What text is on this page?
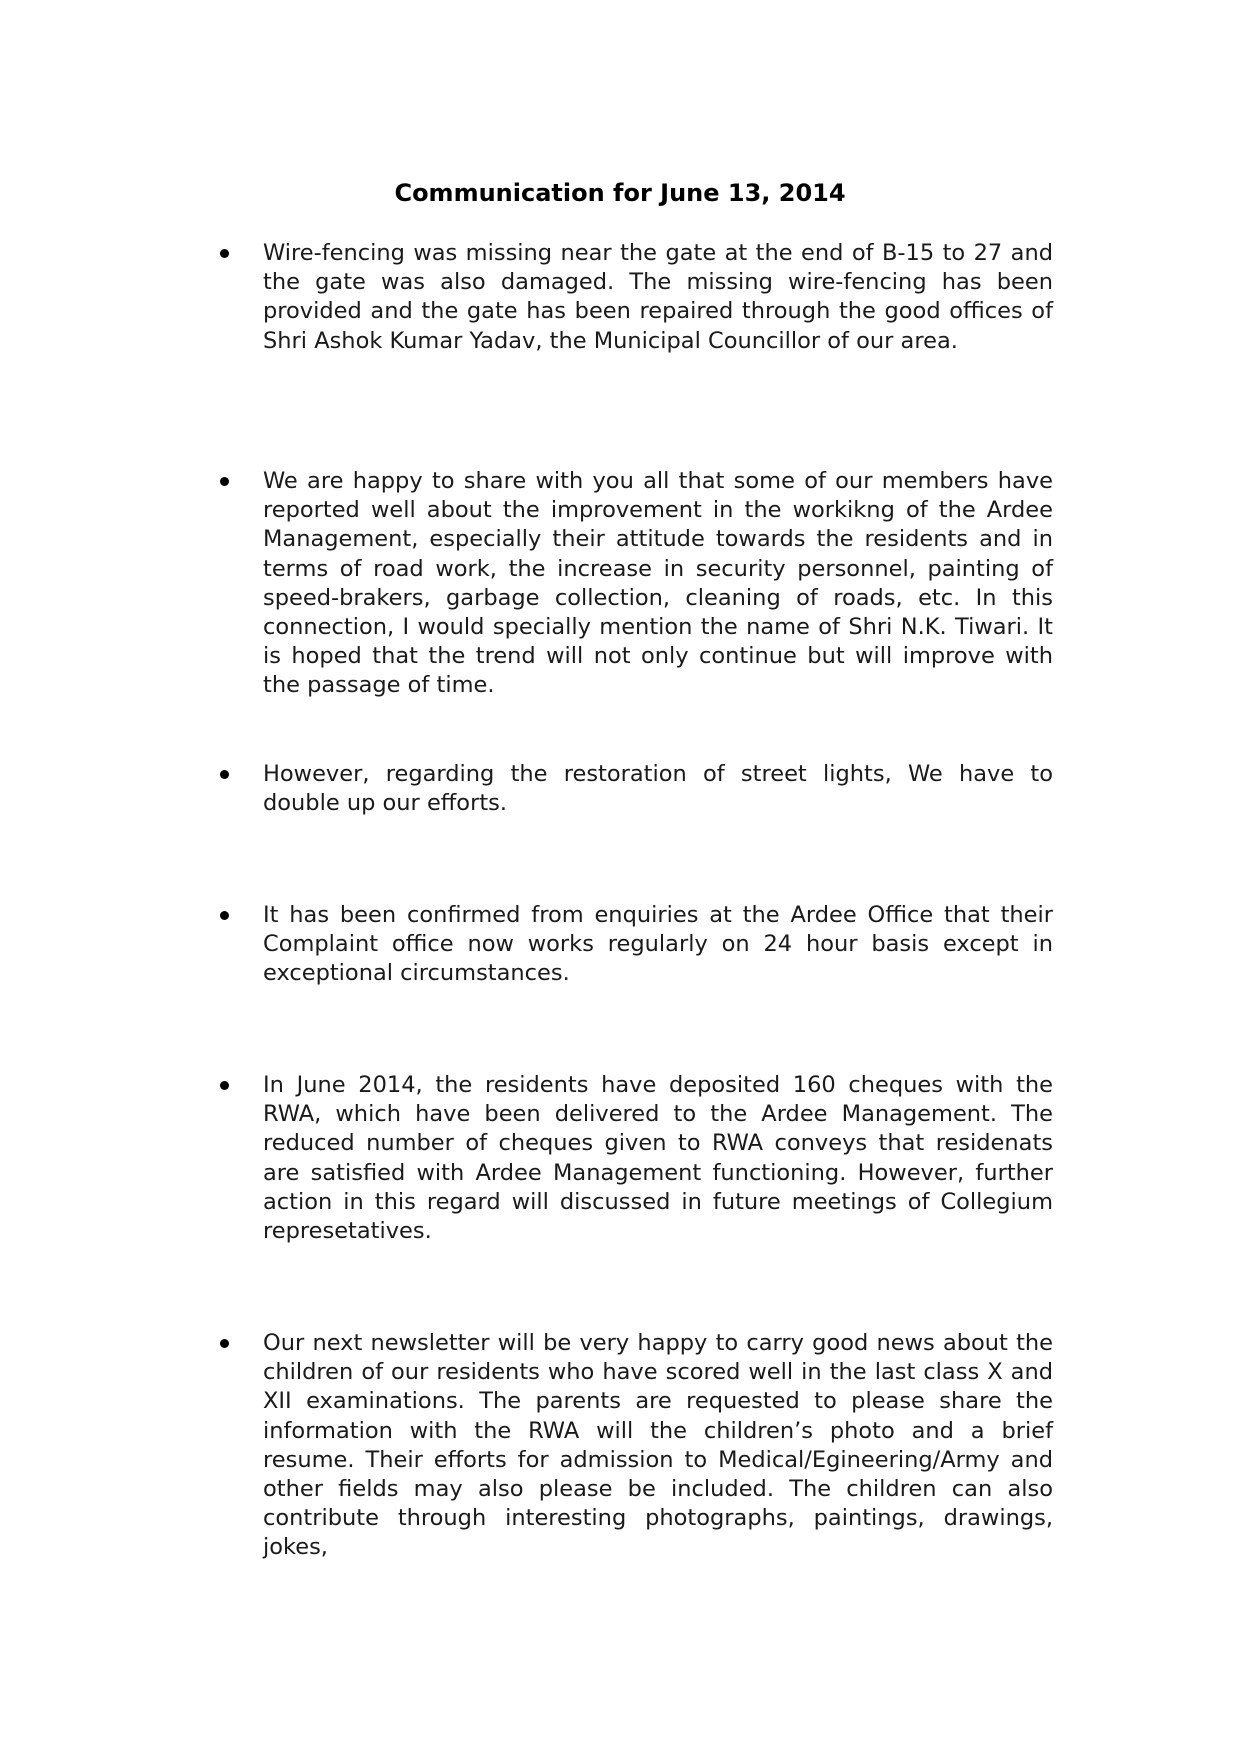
Communication for June 13, 2014
Wire-fencing was missing near the gate at the end of B-15 to 27 and the gate was also damaged. The missing wire-fencing has been provided and the gate has been repaired through the good offices of Shri Ashok Kumar Yadav, the Municipal Councillor of our area.
We are happy to share with you all that some of our members have reported well about the improvement in the workikng of the Ardee Management, especially their attitude towards the residents and in terms of road work, the increase in security personnel, painting of speed-brakers, garbage collection, cleaning of roads, etc. In this connection, I would specially mention the name of Shri N.K. Tiwari. It is hoped that the trend will not only continue but will improve with the passage of time.
However, regarding the restoration of street lights, We have to double up our efforts.
It has been confirmed from enquiries at the Ardee Office that their Complaint office now works regularly on 24 hour basis except in exceptional circumstances.
In June 2014, the residents have deposited 160 cheques with the RWA, which have been delivered to the Ardee Management. The reduced number of cheques given to RWA conveys that residenats are satisfied with Ardee Management functioning. However, further action in this regard will discussed in future meetings of Collegium represetatives.
Our next newsletter will be very happy to carry good news about the children of our residents who have scored well in the last class X and XII examinations. The parents are requested to please share the information with the RWA will the children’s photo and a brief resume. Their efforts for admission to Medical/Egineering/Army and other fields may also please be included. The children can also contribute through interesting photographs, paintings, drawings, jokes,
